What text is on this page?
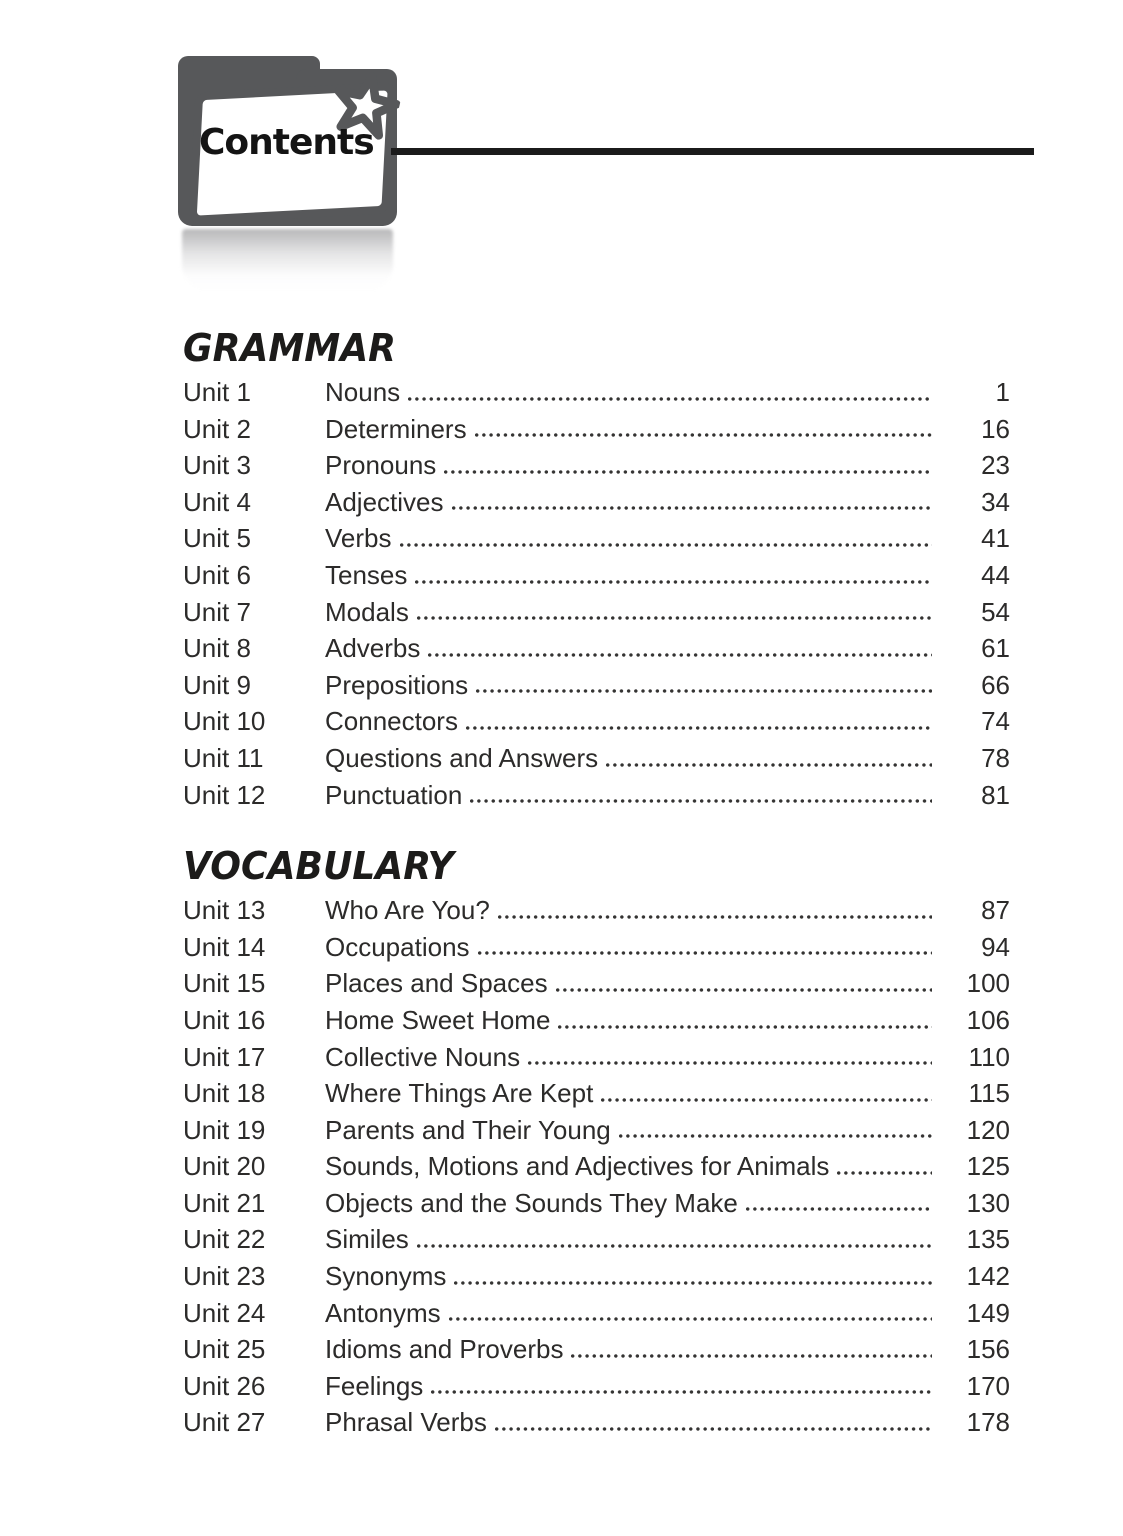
Contents
GRAMMAR
Unit 1	Nouns	1
Unit 2	Determiners	16
Unit 3	Pronouns	23
Unit 4	Adjectives	34
Unit 5	Verbs	41
Unit 6	Tenses	44
Unit 7	Modals	54
Unit 8	Adverbs	61
Unit 9	Prepositions	66
Unit 10	Connectors	74
Unit 11	Questions and Answers	78
Unit 12	Punctuation	81
VOCABULARY
Unit 13	Who Are You?	87
Unit 14	Occupations	94
Unit 15	Places and Spaces	100
Unit 16	Home Sweet Home	106
Unit 17	Collective Nouns	110
Unit 18	Where Things Are Kept	115
Unit 19	Parents and Their Young	120
Unit 20	Sounds, Motions and Adjectives for Animals	125
Unit 21	Objects and the Sounds They Make	130
Unit 22	Similes	135
Unit 23	Synonyms	142
Unit 24	Antonyms	149
Unit 25	Idioms and Proverbs	156
Unit 26	Feelings	170
Unit 27	Phrasal Verbs	178
